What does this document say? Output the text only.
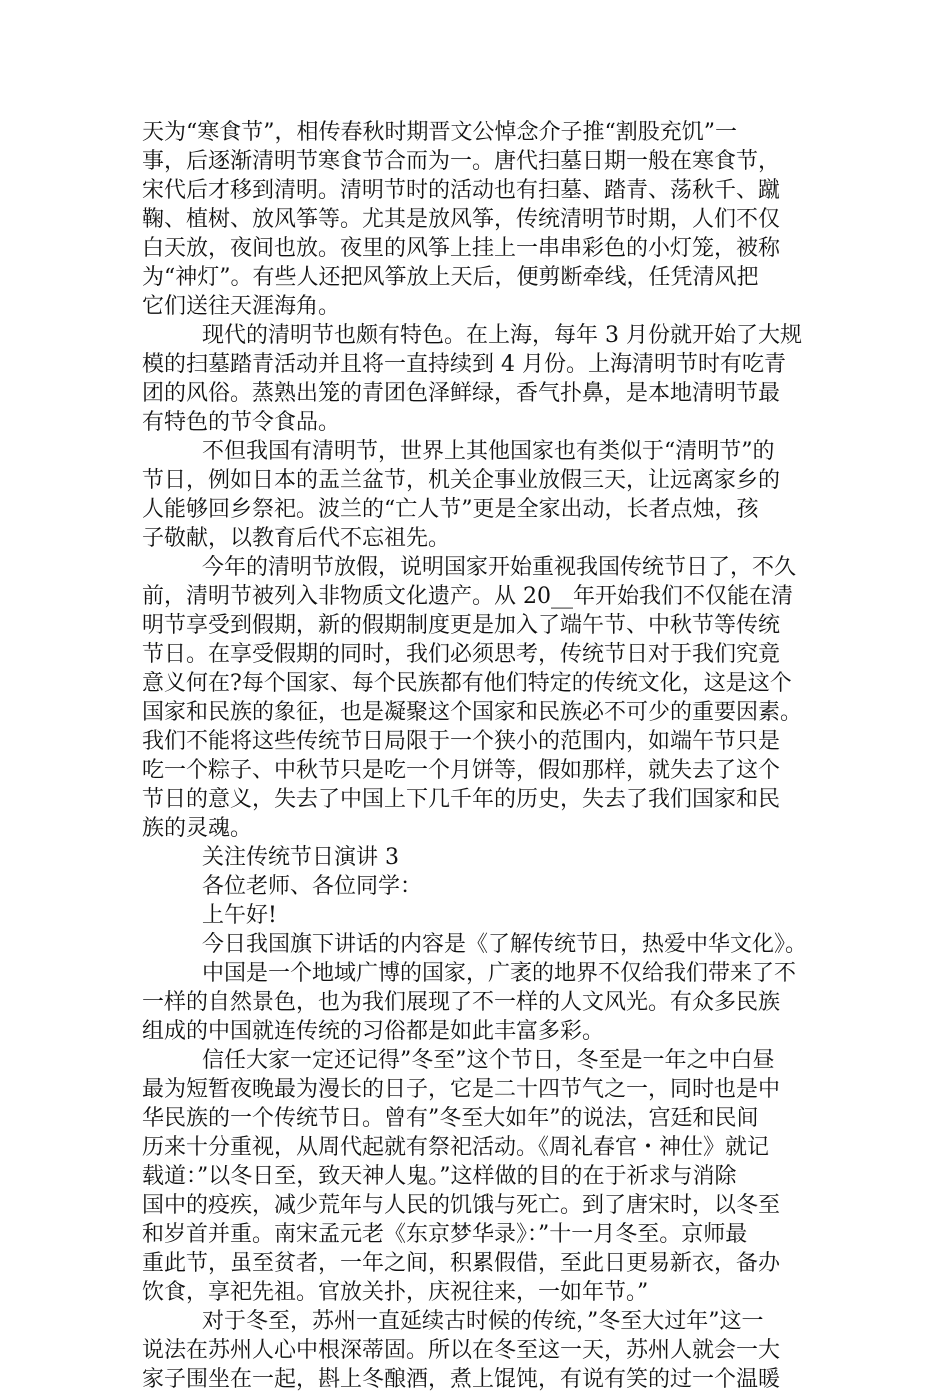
天为“寒食节”，相传春秋时期晋文公悼念介子推“割股充饥”一
事，后逐渐清明节寒食节合而为一。唐代扫墓日期一般在寒食节，
宋代后才移到清明。清明节时的活动也有扫墓、踏青、荡秋千、蹴
鞠、植树、放风筝等。尤其是放风筝，传统清明节时期，人们不仅
白天放，夜间也放。夜里的风筝上挂上一串串彩色的小灯笼，被称
为“神灯”。有些人还把风筝放上天后，便剪断牵线，任凭清风把
它们送往天涯海角。
现代的清明节也颇有特色。在上海，每年 3 月份就开始了大规
模的扫墓踏青活动并且将一直持续到 4 月份。上海清明节时有吃青
团的风俗。蒸熟出笼的青团色泽鲜绿，香气扑鼻，是本地清明节最
有特色的节令食品。
不但我国有清明节，世界上其他国家也有类似于“清明节”的
节日，例如日本的盂兰盆节，机关企事业放假三天，让远离家乡的
人能够回乡祭祀。波兰的“亡人节”更是全家出动，长者点烛，孩
子敬献，以教育后代不忘祖先。
今年的清明节放假，说明国家开始重视我国传统节日了，不久
前，清明节被列入非物质文化遗产。从 20__年开始我们不仅能在清
明节享受到假期，新的假期制度更是加入了端午节、中秋节等传统
节日。在享受假期的同时，我们必须思考，传统节日对于我们究竟
意义何在?每个国家、每个民族都有他们特定的传统文化，这是这个
国家和民族的象征，也是凝聚这个国家和民族必不可少的重要因素。
我们不能将这些传统节日局限于一个狭小的范围内，如端午节只是
吃一个粽子、中秋节只是吃一个月饼等，假如那样，就失去了这个
节日的意义，失去了中国上下几千年的历史，失去了我们国家和民
族的灵魂。
关注传统节日演讲 3
各位老师、各位同学：
上午好!
今日我国旗下讲话的内容是《了解传统节日，热爱中华文化》。
中国是一个地域广博的国家，广袤的地界不仅给我们带来了不
一样的自然景色，也为我们展现了不一样的人文风光。有众多民族
组成的中国就连传统的习俗都是如此丰富多彩。
信任大家一定还记得”冬至”这个节日，冬至是一年之中白昼
最为短暂夜晚最为漫长的日子，它是二十四节气之一，同时也是中
华民族的一个传统节日。曾有”冬至大如年”的说法，宫廷和民间
历来十分重视，从周代起就有祭祀活动。《周礼春官・神仕》就记
载道：”以冬日至，致天神人鬼。”这样做的目的在于祈求与消除
国中的疫疾，减少荒年与人民的饥饿与死亡。到了唐宋时，以冬至
和岁首并重。南宋孟元老《东京梦华录》：”十一月冬至。京师最
重此节，虽至贫者，一年之间，积累假借，至此日更易新衣，备办
饮食，享祀先祖。官放关扑，庆祝往来，一如年节。”
对于冬至，苏州一直延续古时候的传统，”冬至大过年”这一
说法在苏州人心中根深蒂固。所以在冬至这一天，苏州人就会一大
家子围坐在一起，斟上冬酿酒，煮上馄饨，有说有笑的过一个温暖
